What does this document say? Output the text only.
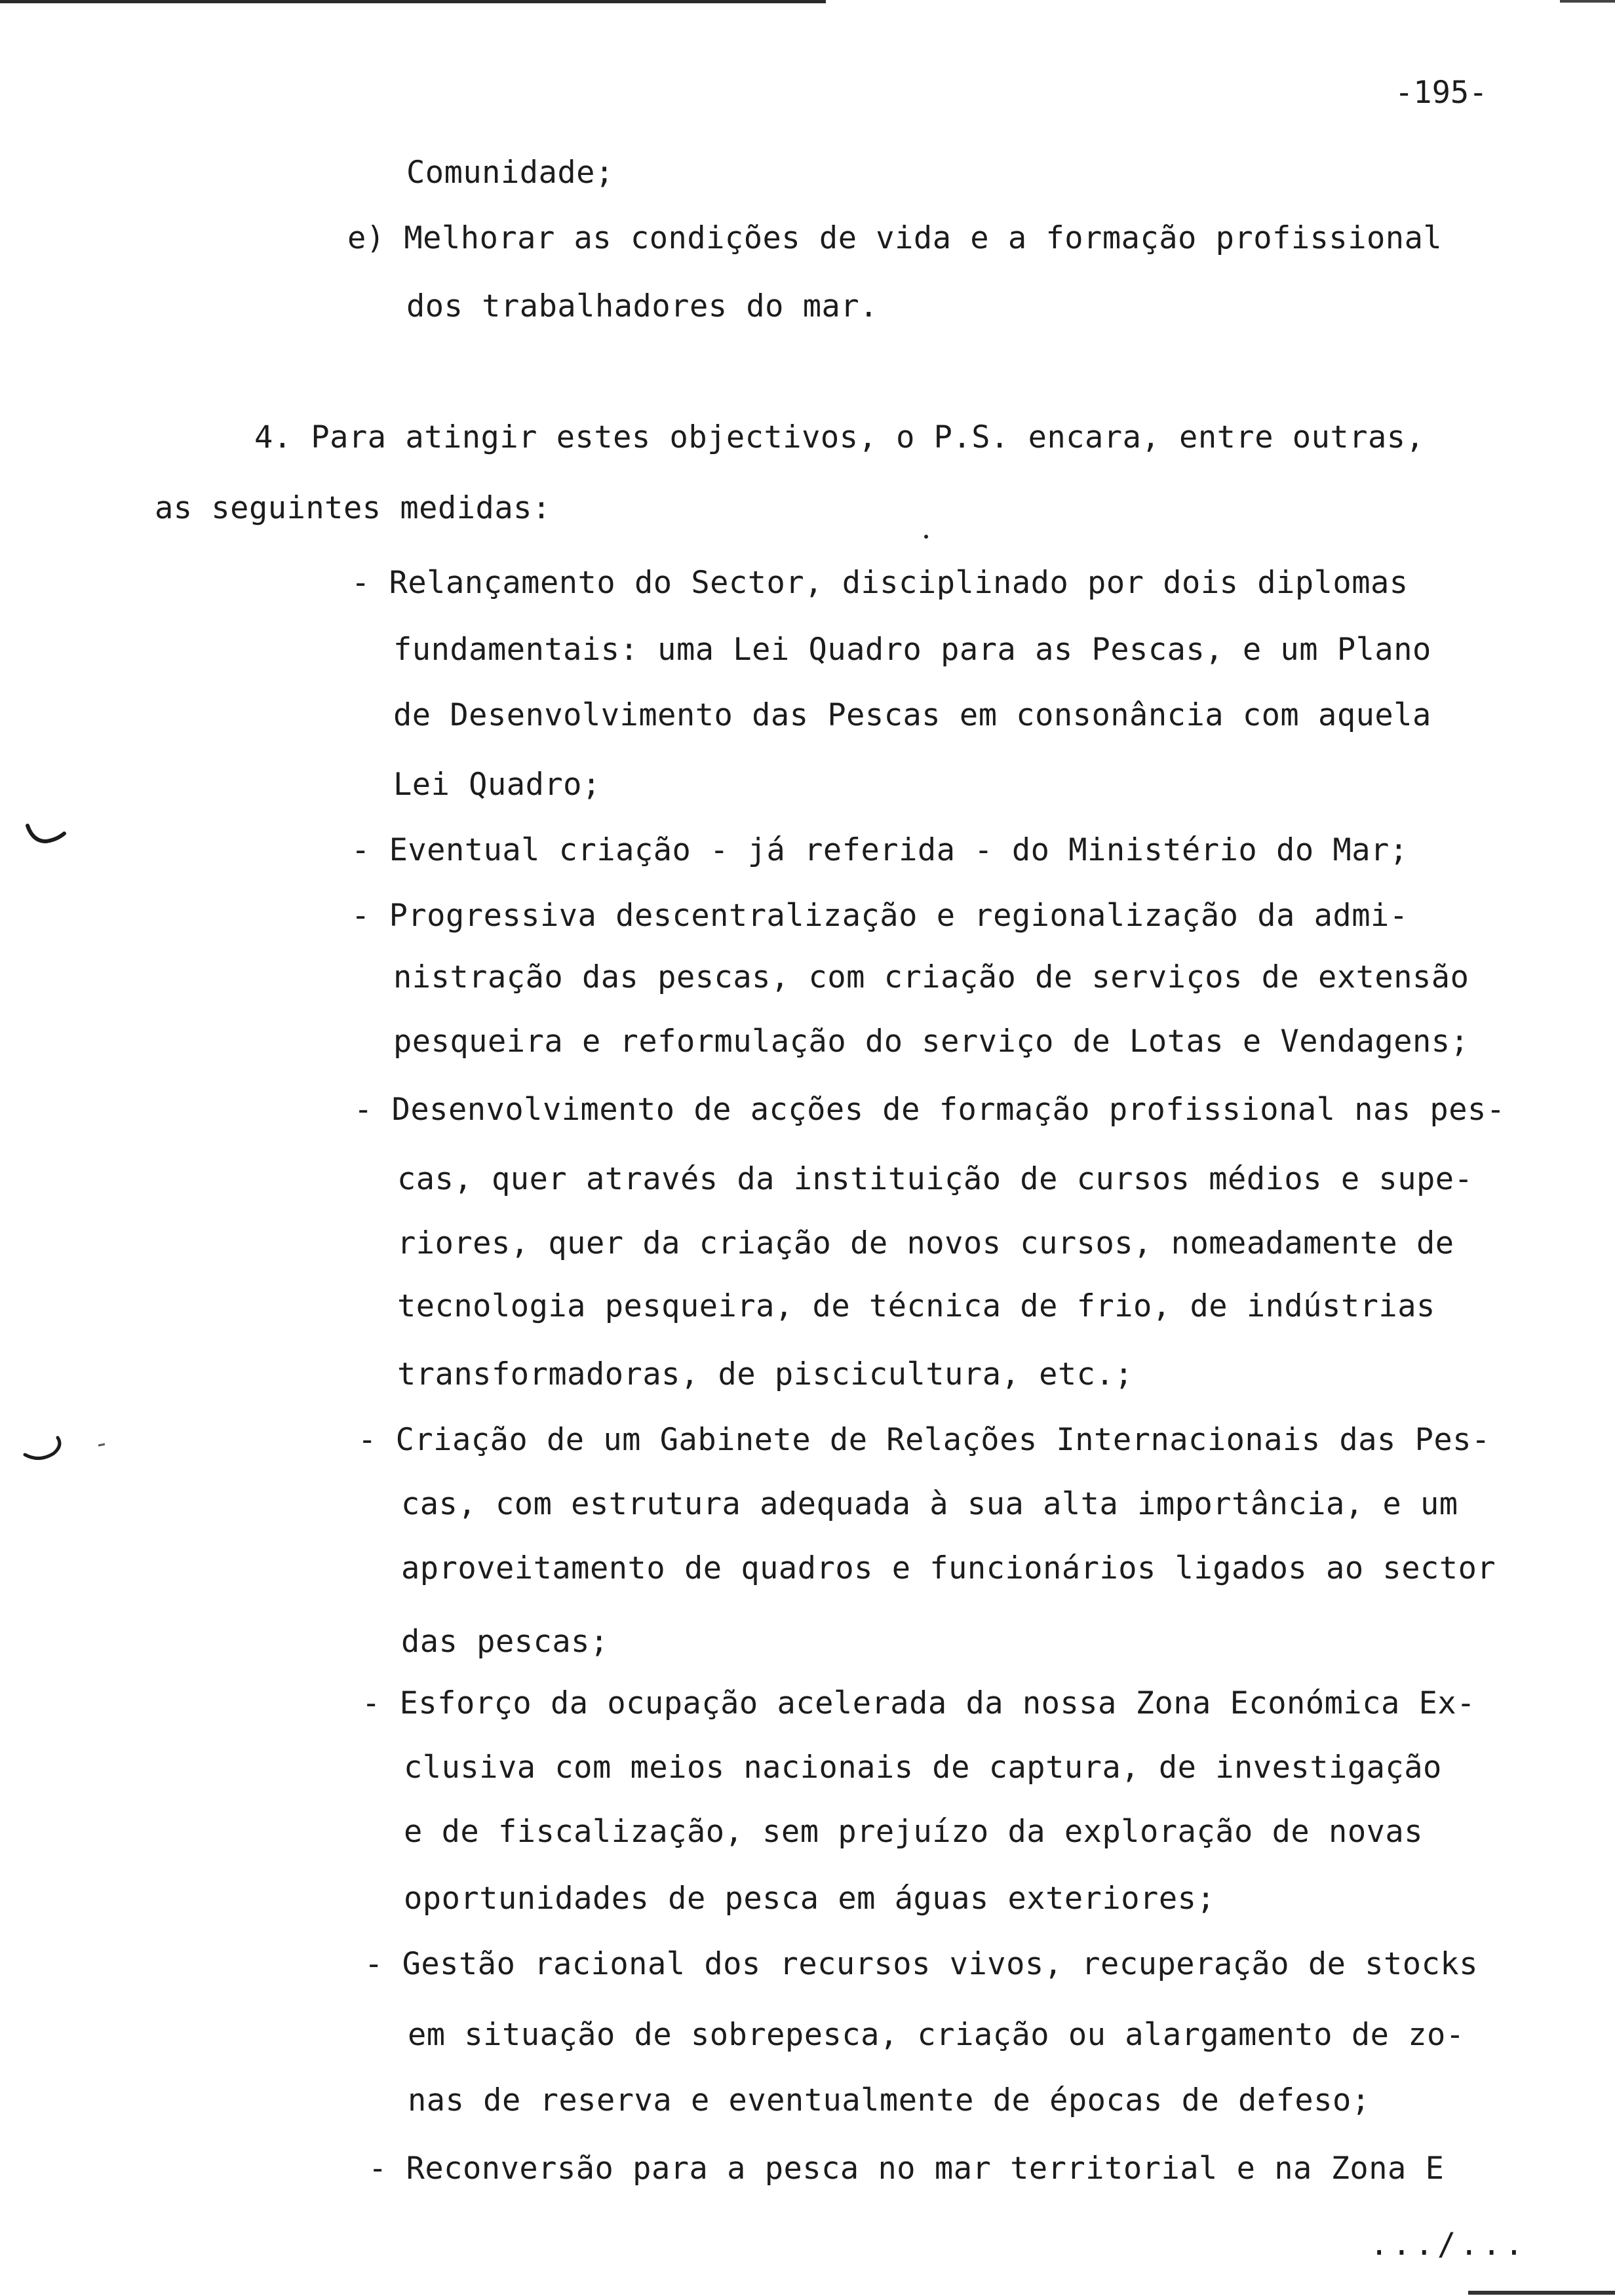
-195-
Comunidade;
e) Melhorar as condições de vida e a formação profissional
dos trabalhadores do mar.
4. Para atingir estes objectivos, o P.S. encara, entre outras,
as seguintes medidas:
- Relançamento do Sector, disciplinado por dois diplomas
fundamentais: uma Lei Quadro para as Pescas, e um Plano
de Desenvolvimento das Pescas em consonância com aquela
Lei Quadro;
- Eventual criação - já referida - do Ministério do Mar;
- Progressiva descentralização e regionalização da admi-
nistração das pescas, com criação de serviços de extensão
pesqueira e reformulação do serviço de Lotas e Vendagens;
- Desenvolvimento de acções de formação profissional nas pes-
cas, quer através da instituição de cursos médios e supe-
riores, quer da criação de novos cursos, nomeadamente de
tecnologia pesqueira, de técnica de frio, de indústrias
transformadoras, de piscicultura, etc.;
- Criação de um Gabinete de Relações Internacionais das Pes-
cas, com estrutura adequada à sua alta importância, e um
aproveitamento de quadros e funcionários ligados ao sector
das pescas;
- Esforço da ocupação acelerada da nossa Zona Económica Ex-
clusiva com meios nacionais de captura, de investigação
e de fiscalização, sem prejuízo da exploração de novas
oportunidades de pesca em águas exteriores;
- Gestão racional dos recursos vivos, recuperação de stocks
em situação de sobrepesca, criação ou alargamento de zo-
nas de reserva e eventualmente de épocas de defeso;
- Reconversão para a pesca no mar territorial e na Zona E
.../...
